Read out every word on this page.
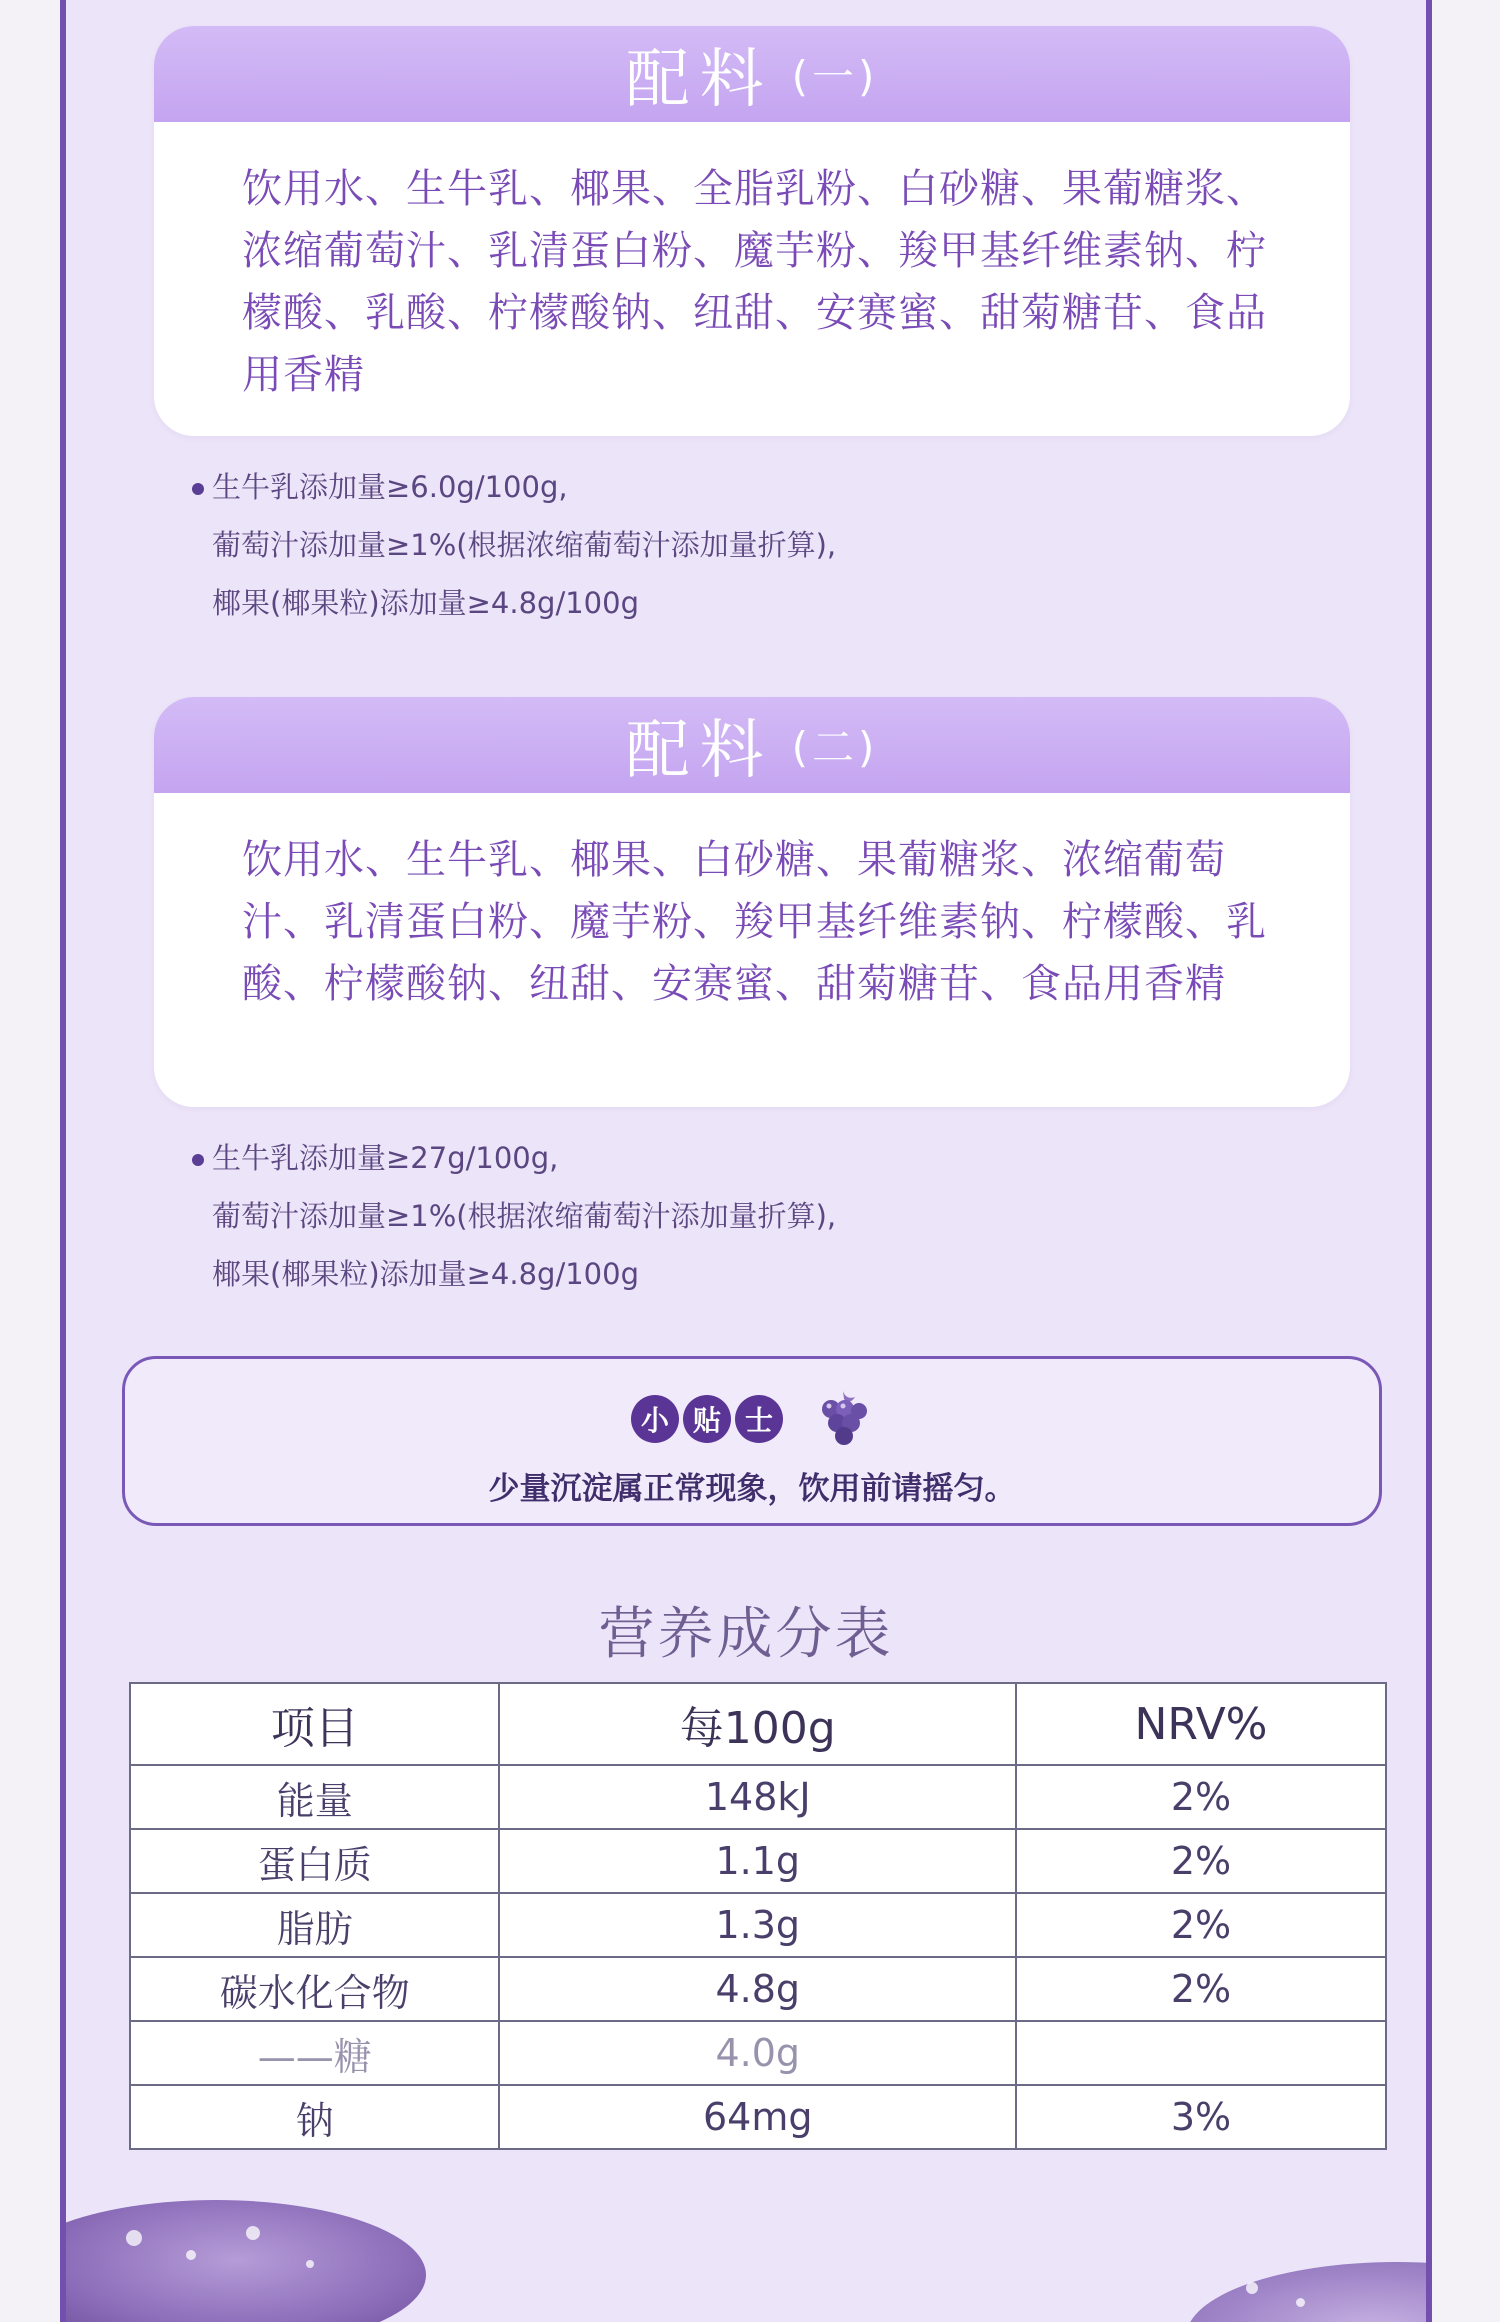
配料 (一)
饮用水、生牛乳、椰果、全脂乳粉、白砂糖、果葡糖浆、浓缩葡萄汁、乳清蛋白粉、魔芋粉、羧甲基纤维素钠、柠檬酸、乳酸、柠檬酸钠、纽甜、安赛蜜、甜菊糖苷、食品用香精
生牛乳添加量≥6.0g/100g,
葡萄汁添加量≥1%(根据浓缩葡萄汁添加量折算),
椰果(椰果粒)添加量≥4.8g/100g
配料 (二)
饮用水、生牛乳、椰果、白砂糖、果葡糖浆、浓缩葡萄汁、乳清蛋白粉、魔芋粉、羧甲基纤维素钠、柠檬酸、乳酸、柠檬酸钠、纽甜、安赛蜜、甜菊糖苷、食品用香精
生牛乳添加量≥27g/100g,
葡萄汁添加量≥1%(根据浓缩葡萄汁添加量折算),
椰果(椰果粒)添加量≥4.8g/100g
小 贴 士
少量沉淀属正常现象，饮用前请摇匀。
营养成分表
项目	每100g	NRV%
能量	148kJ	2%
蛋白质	1.1g	2%
脂肪	1.3g	2%
碳水化合物	4.8g	2%
——糖	4.0g	
钠	64mg	3%
